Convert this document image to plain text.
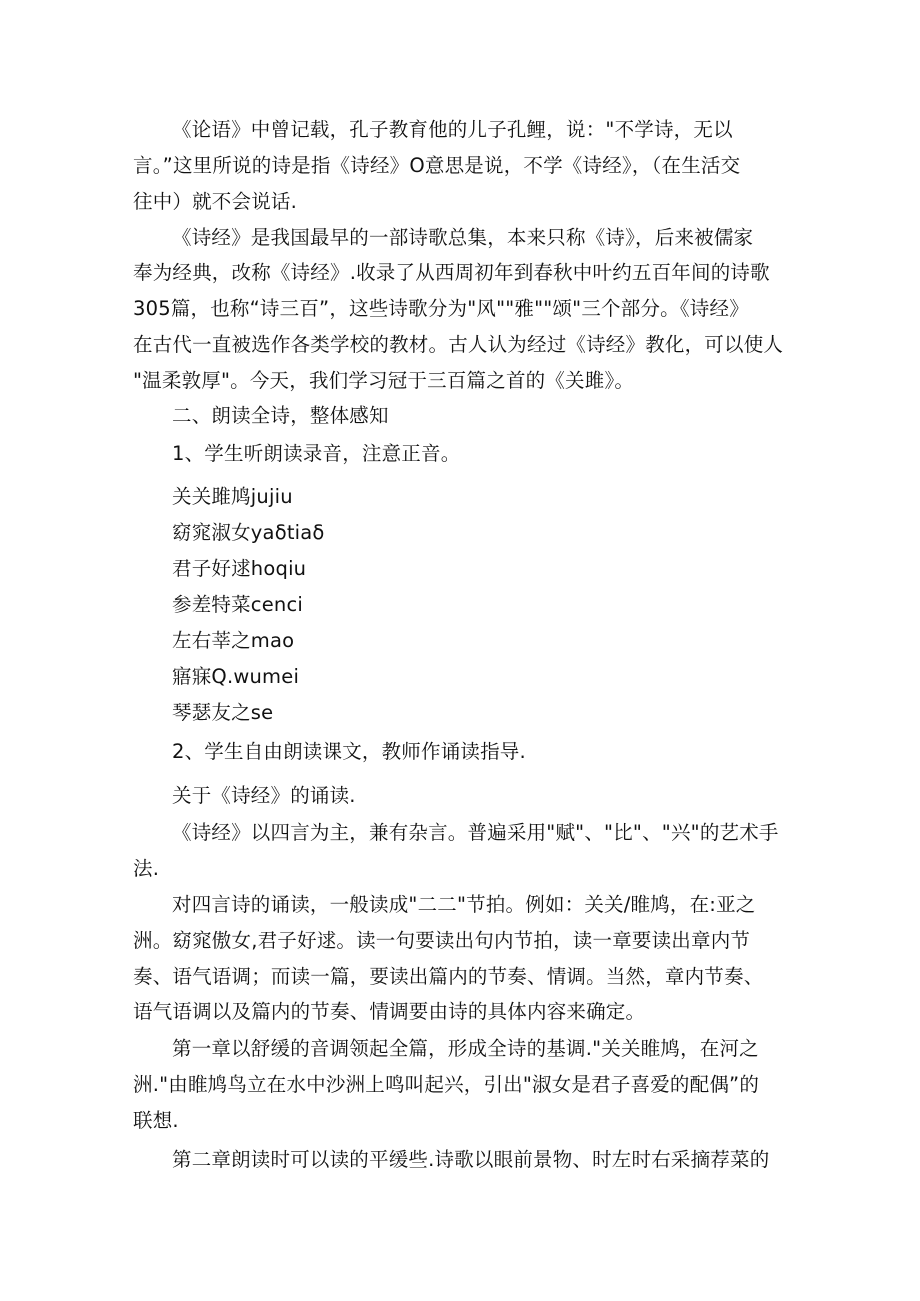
《论语》中曾记载，孔子教育他的儿子孔鲤，说："不学诗，无以
言。”这里所说的诗是指《诗经》O意思是说，不学《诗经》，（在生活交
往中）就不会说话.
《诗经》是我国最早的一部诗歌总集，本来只称《诗》，后来被儒家
奉为经典，改称《诗经》.收录了从西周初年到春秋中叶约五百年间的诗歌
305篇，也称“诗三百”，这些诗歌分为"风""雅""颂"三个部分。《诗经》
在古代一直被选作各类学校的教材。古人认为经过《诗经》教化，可以使人
"温柔敦厚"。今天，我们学习冠于三百篇之首的《关雎》。
二、朗读全诗，整体感知
1、学生听朗读录音，注意正音。
关关雎鸠jujiu
窈窕淑女yaδtiaδ
君子好逑hoqiu
参差特菜cenci
左右莘之mao
寤寐Q.wumei
琴瑟友之se
2、学生自由朗读课文，教师作诵读指导.
关于《诗经》的诵读.
《诗经》以四言为主，兼有杂言。普遍采用"赋"、"比"、"兴"的艺术手
法.
对四言诗的诵读，一般读成"二二"节拍。例如：关关/睢鸠，在:亚之
洲。窈窕傲女,君子好逑。读一句要读出句内节拍，读一章要读出章内节
奏、语气语调；而读一篇，要读出篇内的节奏、情调。当然，章内节奏、
语气语调以及篇内的节奏、情调要由诗的具体内容来确定。
第一章以舒缓的音调领起全篇，形成全诗的基调."关关睢鸠，在河之
洲."由睢鸠鸟立在水中沙洲上鸣叫起兴，引出"淑女是君子喜爱的配偶”的
联想.
第二章朗读时可以读的平缓些.诗歌以眼前景物、时左时右采摘荐菜的
